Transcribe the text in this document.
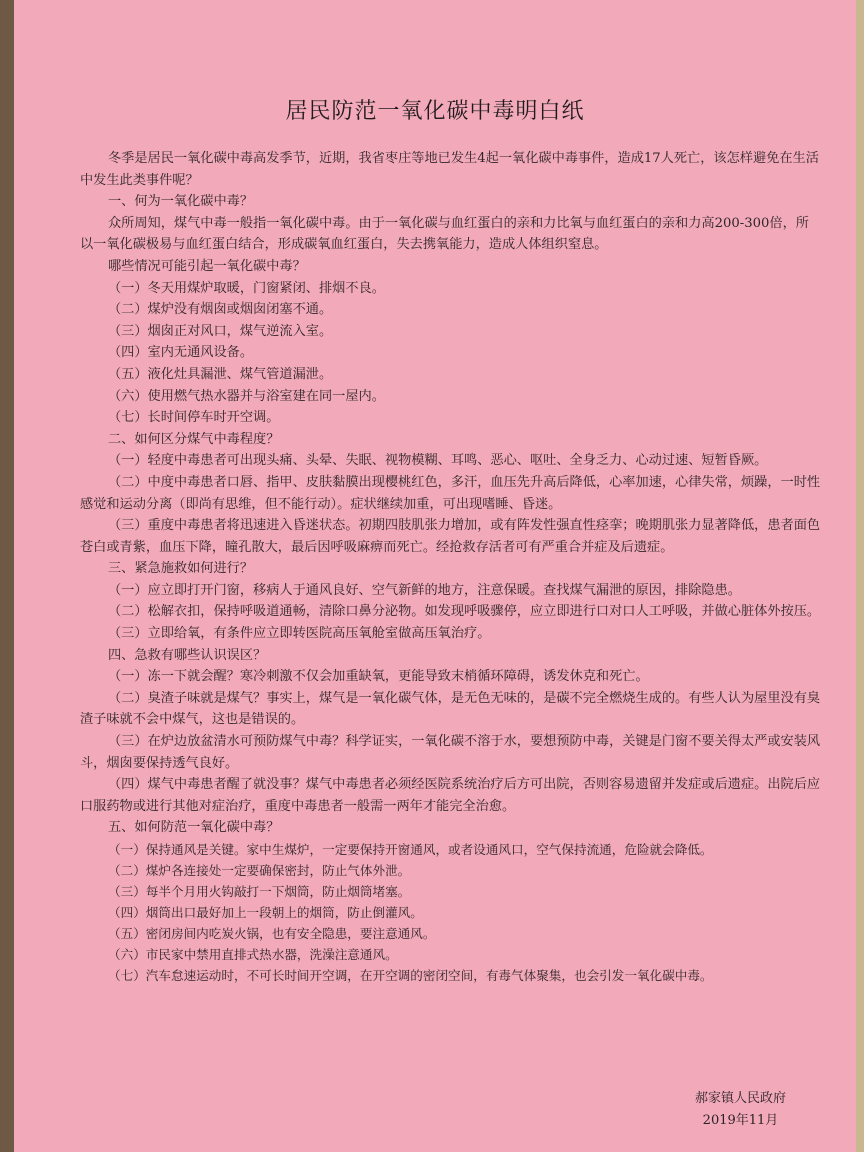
居民防范一氧化碳中毒明白纸

冬季是居民一氧化碳中毒高发季节，近期，我省枣庄等地已发生4起一氧化碳中毒事件，造成17人死亡，该怎样避免在生活中发生此类事件呢？

一、何为一氧化碳中毒？

众所周知，煤气中毒一般指一氧化碳中毒。由于一氧化碳与血红蛋白的亲和力比氧与血红蛋白的亲和力高200-300倍，所以一氧化碳极易与血红蛋白结合，形成碳氧血红蛋白，失去携氧能力，造成人体组织窒息。

哪些情况可能引起一氧化碳中毒？

（一）冬天用煤炉取暖，门窗紧闭、排烟不良。

（二）煤炉没有烟囱或烟囱闭塞不通。

（三）烟囱正对风口，煤气逆流入室。

（四）室内无通风设备。

（五）液化灶具漏泄、煤气管道漏泄。

（六）使用燃气热水器并与浴室建在同一屋内。

（七）长时间停车时开空调。

二、如何区分煤气中毒程度？

（一）轻度中毒患者可出现头痛、头晕、失眠、视物模糊、耳鸣、恶心、呕吐、全身乏力、心动过速、短暂昏厥。

（二）中度中毒患者口唇、指甲、皮肤黏膜出现樱桃红色，多汗，血压先升高后降低，心率加速，心律失常，烦躁，一时性感觉和运动分离（即尚有思维，但不能行动）。症状继续加重，可出现嗜睡、昏迷。

（三）重度中毒患者将迅速进入昏迷状态。初期四肢肌张力增加，或有阵发性强直性痉挛；晚期肌张力显著降低，患者面色苍白或青紫，血压下降，瞳孔散大，最后因呼吸麻痹而死亡。经抢救存活者可有严重合并症及后遗症。

三、紧急施救如何进行？

（一）应立即打开门窗，移病人于通风良好、空气新鲜的地方，注意保暖。查找煤气漏泄的原因，排除隐患。

（二）松解衣扣，保持呼吸道通畅，清除口鼻分泌物。如发现呼吸骤停，应立即进行口对口人工呼吸，并做心脏体外按压。

（三）立即给氧，有条件应立即转医院高压氧舱室做高压氧治疗。

四、急救有哪些认识误区？

（一）冻一下就会醒？寒冷刺激不仅会加重缺氧，更能导致末梢循环障碍，诱发休克和死亡。

（二）臭渣子味就是煤气？事实上，煤气是一氧化碳气体，是无色无味的，是碳不完全燃烧生成的。有些人认为屋里没有臭渣子味就不会中煤气，这也是错误的。

（三）在炉边放盆清水可预防煤气中毒？科学证实，一氧化碳不溶于水，要想预防中毒，关键是门窗不要关得太严或安装风斗，烟囱要保持透气良好。

（四）煤气中毒患者醒了就没事？煤气中毒患者必须经医院系统治疗后方可出院，否则容易遗留并发症或后遗症。出院后应口服药物或进行其他对症治疗，重度中毒患者一般需一两年才能完全治愈。

五、如何防范一氧化碳中毒？

（一）保持通风是关键。家中生煤炉，一定要保持开窗通风，或者设通风口，空气保持流通，危险就会降低。

（二）煤炉各连接处一定要确保密封，防止气体外泄。

（三）每半个月用火钩敲打一下烟筒，防止烟筒堵塞。

（四）烟筒出口最好加上一段朝上的烟筒，防止倒灌风。

（五）密闭房间内吃炭火锅，也有安全隐患，要注意通风。

（六）市民家中禁用直排式热水器，洗澡注意通风。

（七）汽车怠速运动时，不可长时间开空调，在开空调的密闭空间，有毒气体聚集，也会引发一氧化碳中毒。

郝家镇人民政府
2019年11月
